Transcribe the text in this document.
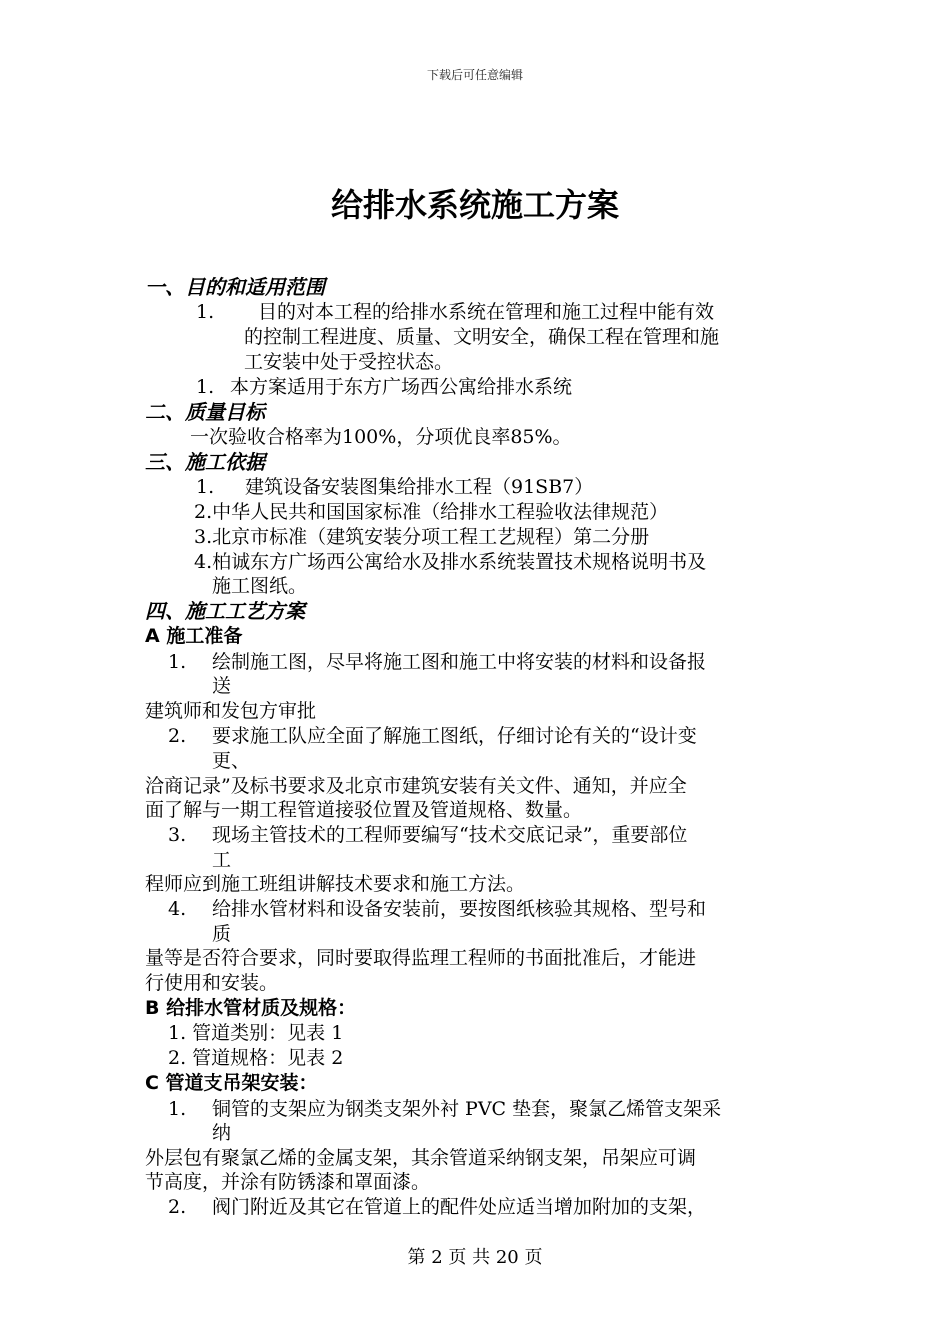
下载后可任意编辑

给排水系统施工方案

一、目的和适用范围

1. 目的对本工程的给排水系统在管理和施工过程中能有效

的控制工程进度、质量、文明安全，确保工程在管理和施

工安装中处于受控状态。

1. 本方案适用于东方广场西公寓给排水系统

二、质量目标

一次验收合格率为100%，分项优良率85%。

三、施工依据

1. 建筑设备安装图集给排水工程（91SB7）

2.中华人民共和国国家标准（给排水工程验收法律规范）

3.北京市标准（建筑安装分项工程工艺规程）第二分册

4.柏诚东方广场西公寓给水及排水系统装置技术规格说明书及

施工图纸。

四、施工工艺方案

A 施工准备

1. 绘制施工图，尽早将施工图和施工中将安装的材料和设备报

送

建筑师和发包方审批

2. 要求施工队应全面了解施工图纸，仔细讨论有关的“设计变

更、

洽商记录”及标书要求及北京市建筑安装有关文件、通知，并应全

面了解与一期工程管道接驳位置及管道规格、数量。

3. 现场主管技术的工程师要编写“技术交底记录”，重要部位

工

程师应到施工班组讲解技术要求和施工方法。

4. 给排水管材料和设备安装前，要按图纸核验其规格、型号和

质

量等是否符合要求，同时要取得监理工程师的书面批准后，才能进

行使用和安装。

B 给排水管材质及规格：

1. 管道类别：见表 1

2. 管道规格：见表 2

C 管道支吊架安装：

1. 铜管的支架应为钢类支架外衬 PVC 垫套，聚氯乙烯管支架采

纳

外层包有聚氯乙烯的金属支架，其余管道采纳钢支架，吊架应可调

节高度，并涂有防锈漆和罩面漆。

2. 阀门附近及其它在管道上的配件处应适当增加附加的支架，

第 2 页 共 20 页
